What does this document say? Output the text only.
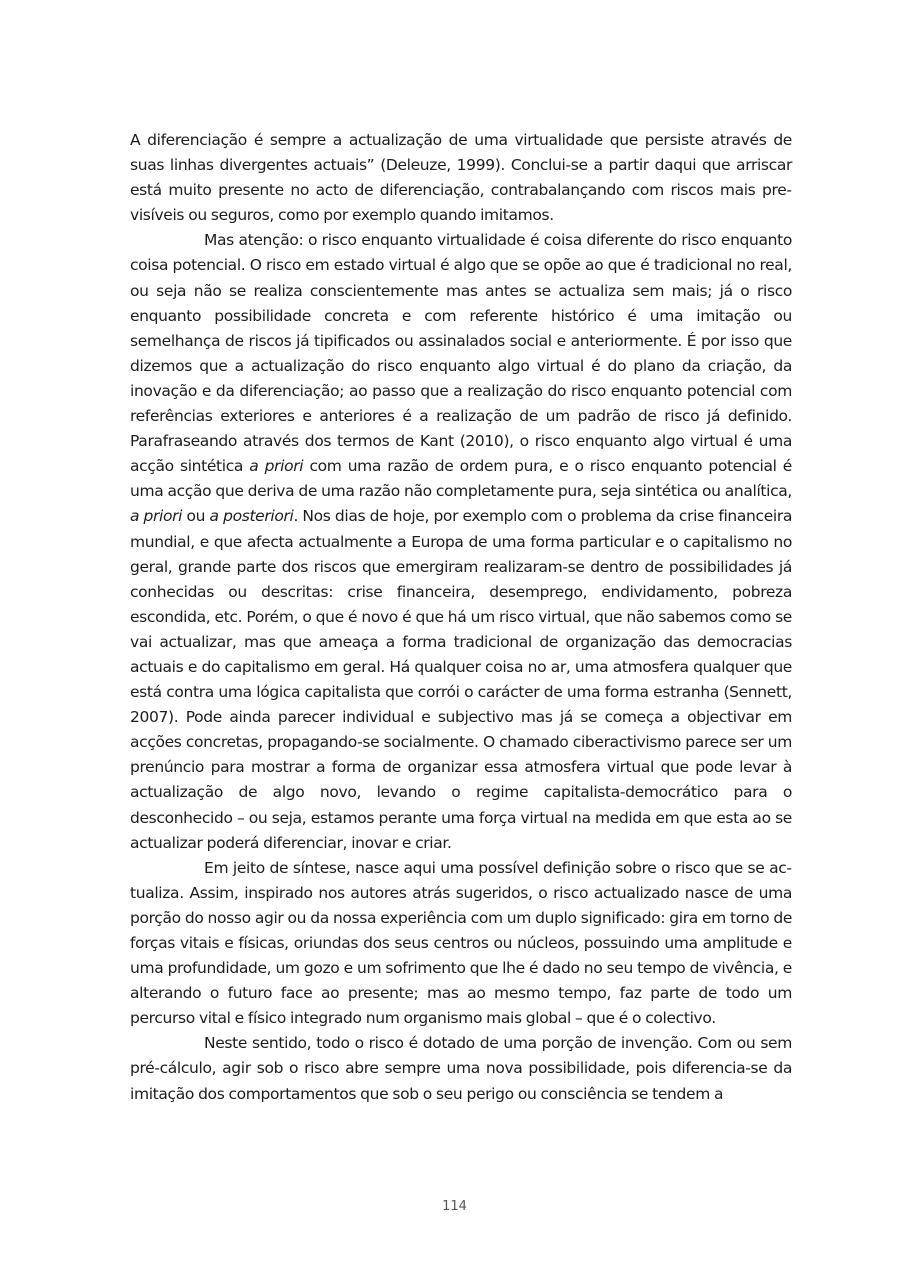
A diferenciação é sempre a actualização de uma virtualidade que persiste através de suas linhas divergentes actuais” (Deleuze, 1999). Conclui-se a partir daqui que arriscar está muito presente no acto de diferenciação, contrabalançando com riscos mais previsíveis ou seguros, como por exemplo quando imitamos.

Mas atenção: o risco enquanto virtualidade é coisa diferente do risco enquanto coisa potencial. O risco em estado virtual é algo que se opõe ao que é tradicional no real, ou seja não se realiza conscientemente mas antes se actualiza sem mais; já o risco enquanto possibilidade concreta e com referente histórico é uma imitação ou semelhança de riscos já tipificados ou assinalados social e anteriormente. É por isso que dizemos que a actualização do risco enquanto algo virtual é do plano da criação, da inovação e da diferenciação; ao passo que a realização do risco enquanto potencial com referências exteriores e anteriores é a realização de um padrão de risco já definido. Parafraseando através dos termos de Kant (2010), o risco enquanto algo virtual é uma acção sintética a priori com uma razão de ordem pura, e o risco enquanto potencial é uma acção que deriva de uma razão não completamente pura, seja sintética ou analítica, a priori ou a posteriori. Nos dias de hoje, por exemplo com o problema da crise financeira mundial, e que afecta actualmente a Europa de uma forma particular e o capitalismo no geral, grande parte dos riscos que emergiram realizaram-se dentro de possibilidades já conhecidas ou descritas: crise financeira, desemprego, endividamento, pobreza escondida, etc. Porém, o que é novo é que há um risco virtual, que não sabemos como se vai actualizar, mas que ameaça a forma tradicional de organização das democracias actuais e do capitalismo em geral. Há qualquer coisa no ar, uma atmosfera qualquer que está contra uma lógica capitalista que corrói o carácter de uma forma estranha (Sennett, 2007). Pode ainda parecer individual e subjectivo mas já se começa a objectivar em acções concretas, propagando-se socialmente. O chamado ciberactivismo parece ser um prenúncio para mostrar a forma de organizar essa atmosfera virtual que pode levar à actualização de algo novo, levando o regime capitalista-democrático para o desconhecido – ou seja, estamos perante uma força virtual na medida em que esta ao se actualizar poderá diferenciar, inovar e criar.

Em jeito de síntese, nasce aqui uma possível definição sobre o risco que se actualiza. Assim, inspirado nos autores atrás sugeridos, o risco actualizado nasce de uma porção do nosso agir ou da nossa experiência com um duplo significado: gira em torno de forças vitais e físicas, oriundas dos seus centros ou núcleos, possuindo uma amplitude e uma profundidade, um gozo e um sofrimento que lhe é dado no seu tempo de vivência, e alterando o futuro face ao presente; mas ao mesmo tempo, faz parte de todo um percurso vital e físico integrado num organismo mais global – que é o colectivo.

Neste sentido, todo o risco é dotado de uma porção de invenção. Com ou sem pré-cálculo, agir sob o risco abre sempre uma nova possibilidade, pois diferencia-se da imitação dos comportamentos que sob o seu perigo ou consciência se tendem a

114
